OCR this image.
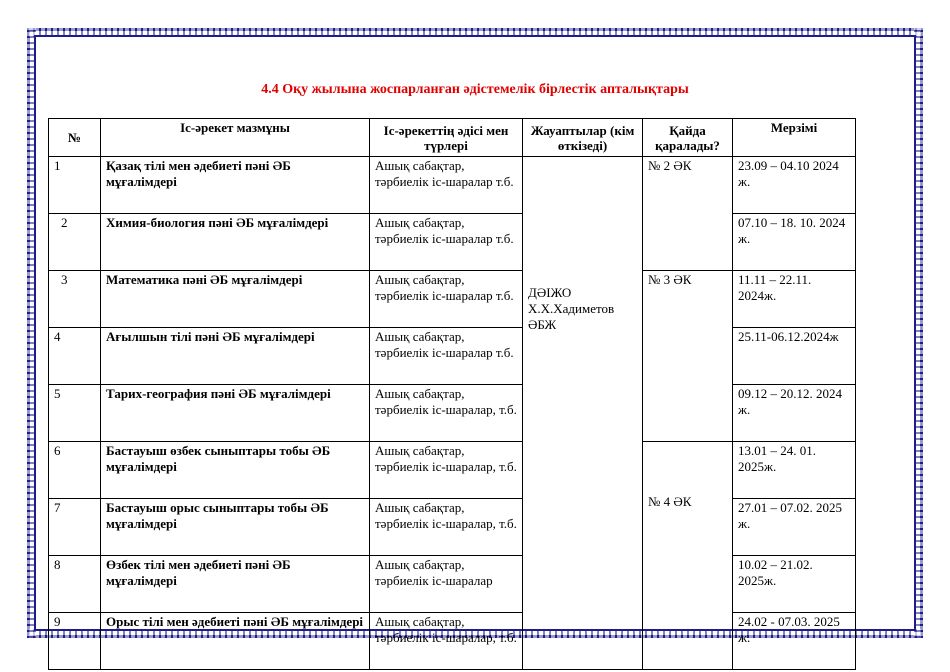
4.4 Оқу жылына жоспарланған әдістемелік бірлестік апталықтары
№	Іс-әрекет мазмұны	Іс-әрекеттің әдісі мен түрлері	Жауаптылар (кім өткізеді)	Қайда қаралады?	Мерзімі
1	Қазақ тілі мен әдебиеті пәні ӘБ мұғалімдері	Ашық сабақтар, тәрбиелік іс-шаралар т.б.	ДӘІЖО Х.Х.Хадиметов ӘБЖ	№ 2 ӘК	23.09 – 04.10 2024 ж.
2	Химия-биология пәні ӘБ мұғалімдері	Ашық сабақтар, тәрбиелік іс-шаралар т.б.			07.10 – 18. 10. 2024 ж.
3	Математика пәні ӘБ мұғалімдері	Ашық сабақтар, тәрбиелік іс-шаралар т.б.		№ 3 ӘК	11.11 – 22.11. 2024ж.
4	Ағылшын тілі пәні ӘБ мұғалімдері	Ашық сабақтар, тәрбиелік іс-шаралар т.б.			25.11-06.12.2024ж
5	Тарих-география пәні ӘБ мұғалімдері	Ашық сабақтар, тәрбиелік іс-шаралар, т.б.			09.12 – 20.12. 2024 ж.
6	Бастауыш өзбек сыныптары тобы ӘБ мұғалімдері	Ашық сабақтар, тәрбиелік іс-шаралар, т.б.		№ 4 ӘК	13.01 – 24. 01. 2025ж.
7	Бастауыш орыс сыныптары тобы ӘБ мұғалімдері	Ашық сабақтар, тәрбиелік іс-шаралар, т.б.			27.01 – 07.02. 2025 ж.
8	Өзбек тілі мен әдебиеті пәні ӘБ мұғалімдері	Ашық сабақтар, тәрбиелік іс-шаралар			10.02 – 21.02. 2025ж.
9	Орыс тілі мен әдебиеті пәні ӘБ мұғалімдері	Ашық сабақтар, тәрбиелік іс-шаралар, т.б.			24.02 - 07.03. 2025 ж.
